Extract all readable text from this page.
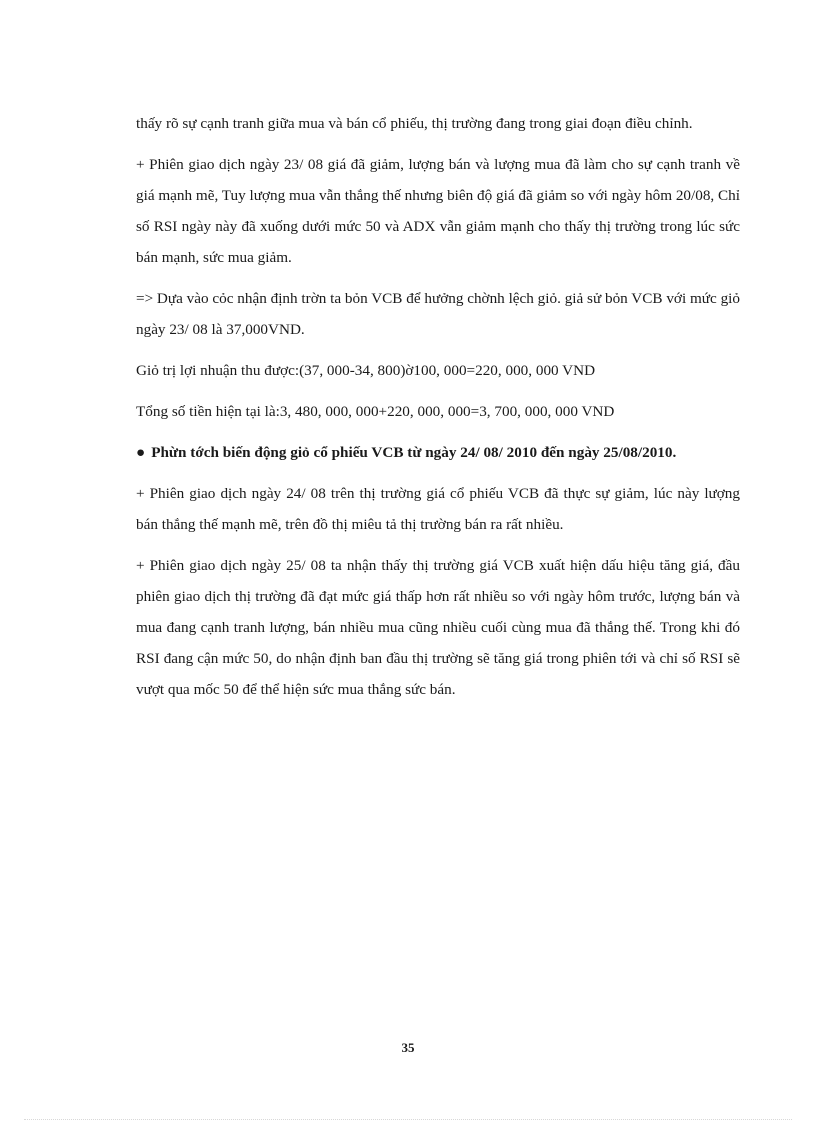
thấy rõ sự cạnh tranh giữa mua và bán cổ phiếu, thị trường đang trong giai đoạn điều chỉnh.

+ Phiên giao dịch ngày 23/ 08 giá đã giảm, lượng bán và lượng mua đã làm cho sự cạnh tranh về giá mạnh mẽ, Tuy lượng mua vẫn thắng thế nhưng biên độ giá đã giảm so với ngày hôm 20/08, Chỉ số RSI ngày này đã xuống dưới mức 50 và ADX vẫn giảm mạnh cho thấy thị trường trong lúc sức bán mạnh, sức mua giảm.

=> Dựa vào cỏc nhận định trờn ta bỏn VCB để hưởng chờnh lệch giỏ. giả sử bỏn VCB với mức giỏ ngày 23/ 08 là 37,000VND.

Giỏ trị lợi nhuận thu được:(37, 000-34, 800)ờ100, 000=220, 000, 000 VND

Tổng số tiền hiện tại là:3, 480, 000, 000+220, 000, 000=3, 700, 000, 000 VND

● Phừn tớch biến động giỏ cổ phiếu VCB từ ngày 24/ 08/ 2010 đến ngày 25/08/2010.

+ Phiên giao dịch ngày 24/ 08 trên thị trường giá cổ phiếu VCB đã thực sự giảm, lúc này lượng bán thắng thế mạnh mẽ, trên đồ thị miêu tả thị trường bán ra rất nhiều.

+ Phiên giao dịch ngày 25/ 08 ta nhận thấy thị trường giá VCB xuất hiện dấu hiệu tăng giá, đầu phiên giao dịch thị trường đã đạt mức giá thấp hơn rất nhiều so với ngày hôm trước, lượng bán và mua đang cạnh tranh lượng, bán nhiều mua cũng nhiều cuối cùng mua đã thắng thế. Trong khi đó RSI đang cận mức 50, do nhận định ban đầu thị trường sẽ tăng giá trong phiên tới và chỉ số RSI sẽ vượt qua mốc 50 để thể hiện sức mua thắng sức bán.

35
